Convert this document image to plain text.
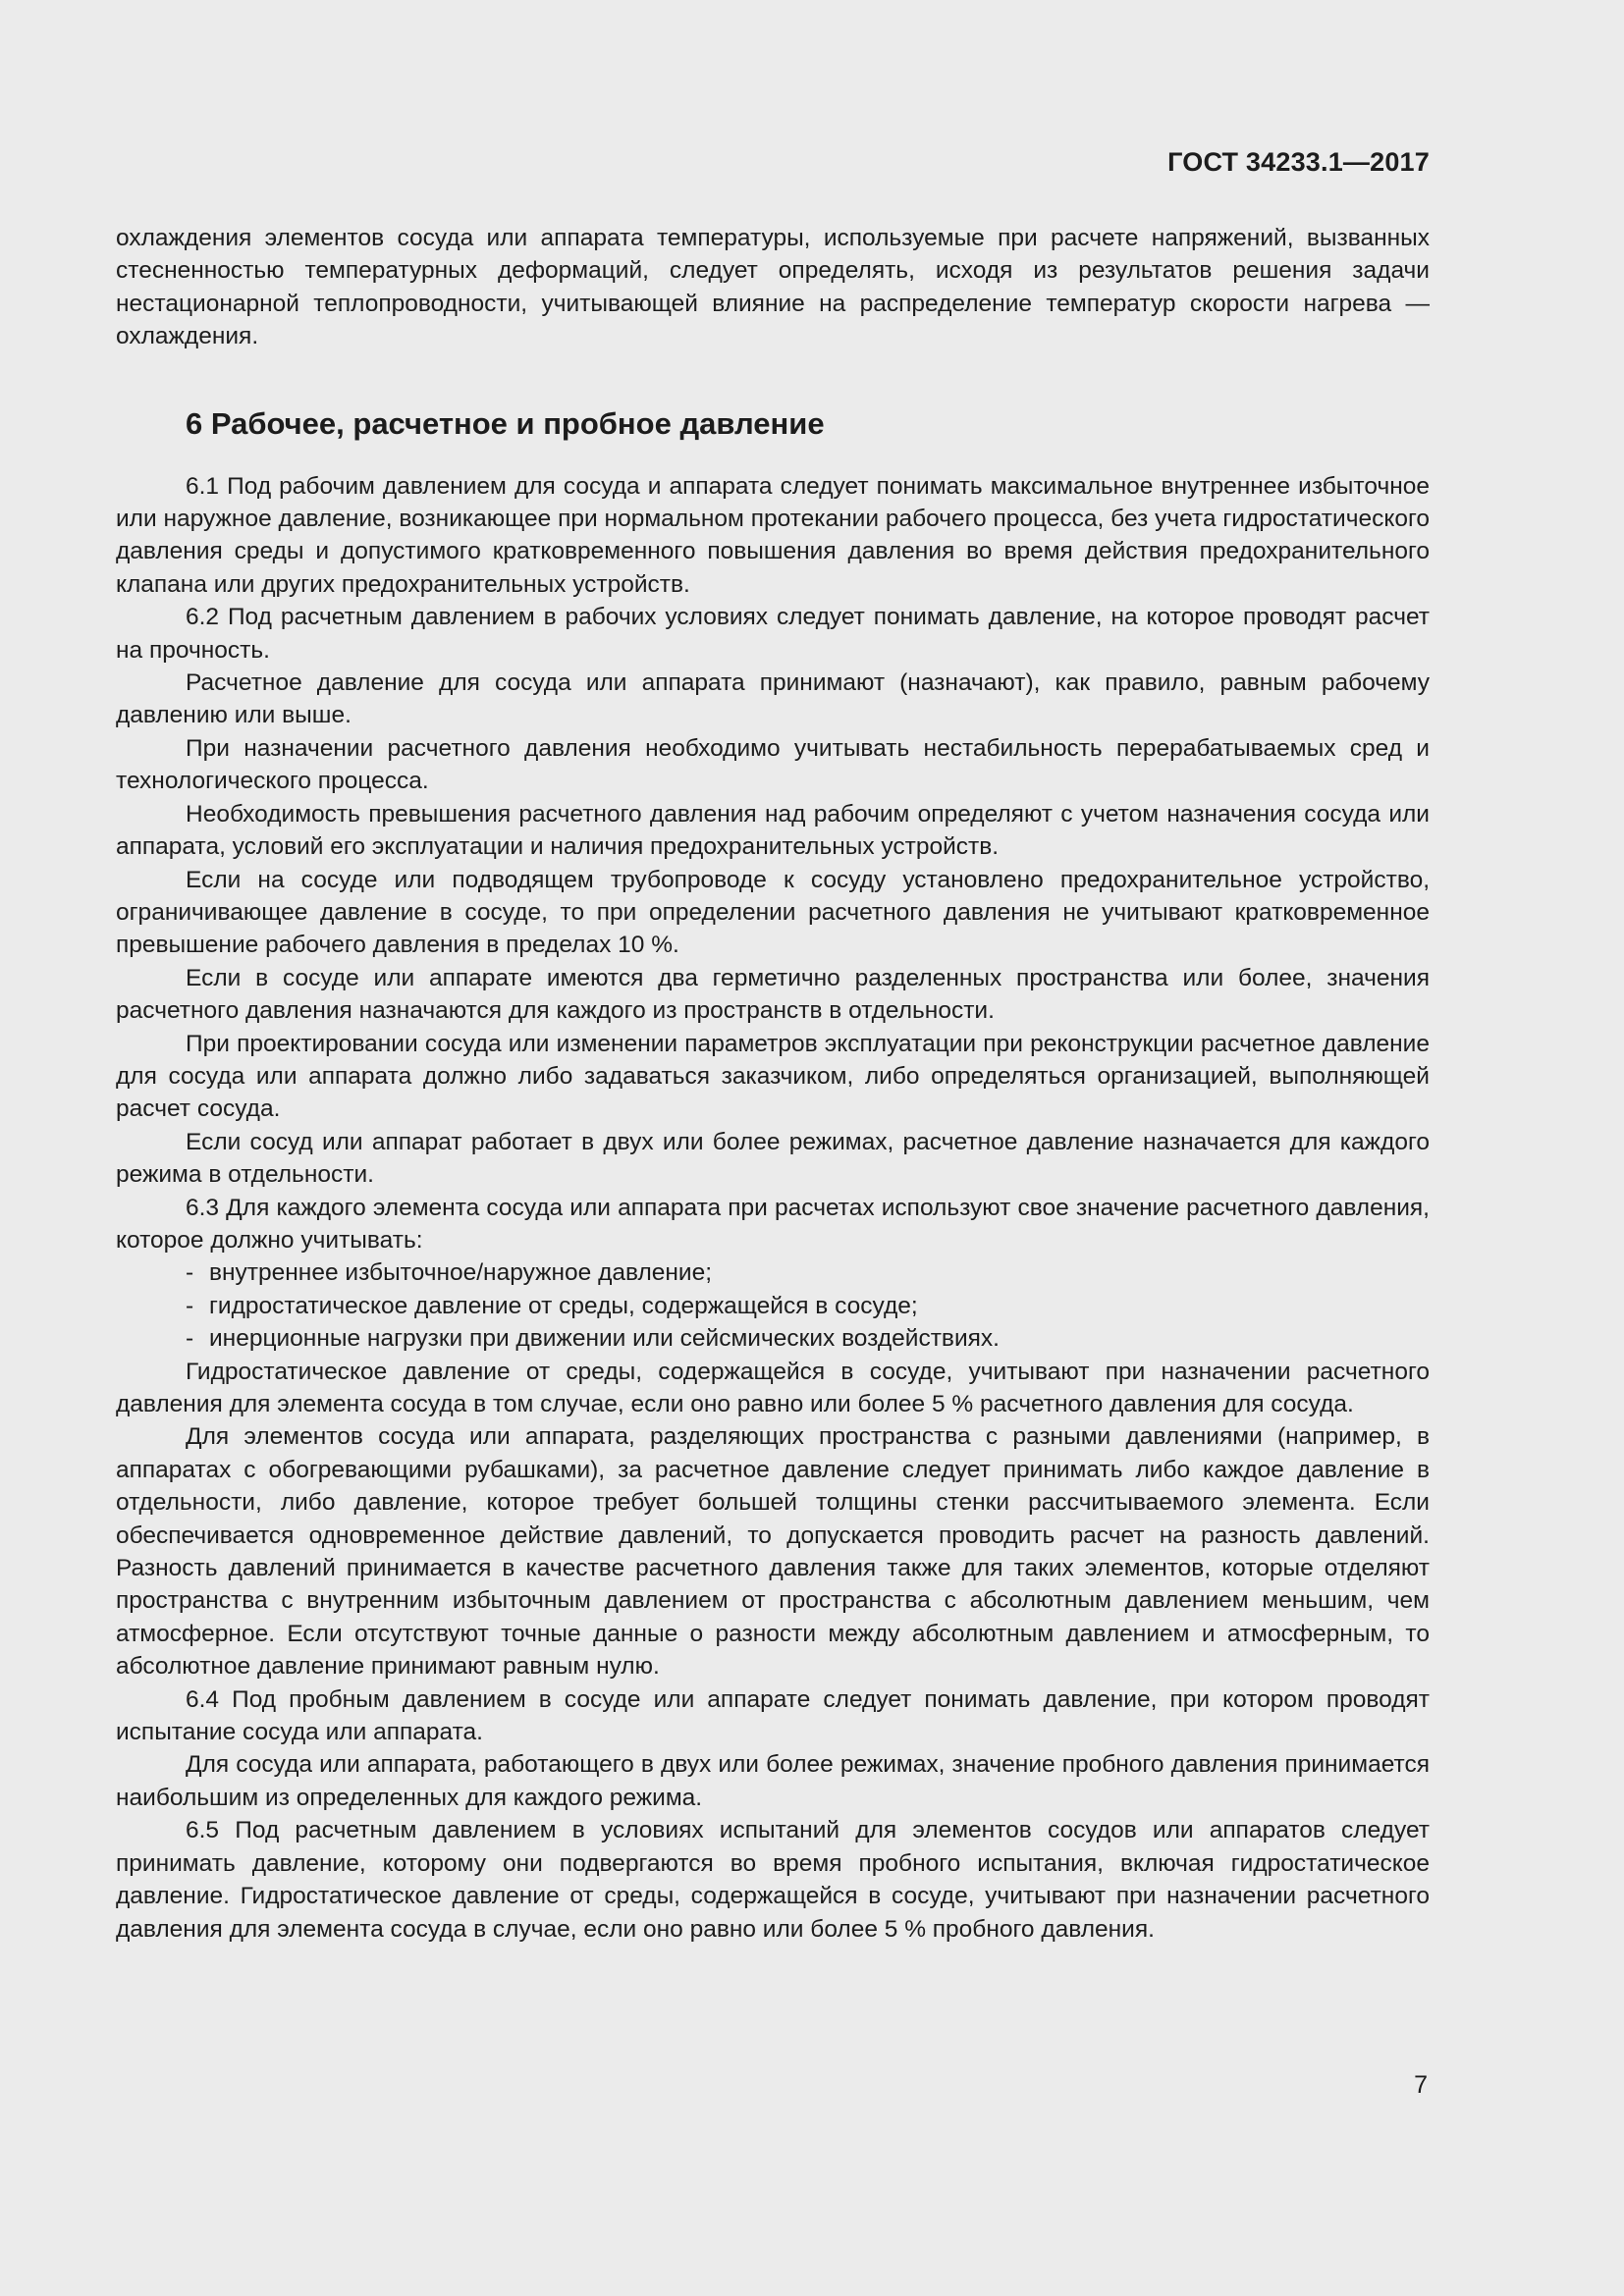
ГОСТ 34233.1—2017

охлаждения элементов сосуда или аппарата температуры, используемые при расчете напряжений, вызванных стесненностью температурных деформаций, следует определять, исходя из результатов решения задачи нестационарной теплопроводности, учитывающей влияние на распределение температур скорости нагрева — охлаждения.

6 Рабочее, расчетное и пробное давление

6.1 Под рабочим давлением для сосуда и аппарата следует понимать максимальное внутреннее избыточное или наружное давление, возникающее при нормальном протекании рабочего процесса, без учета гидростатического давления среды и допустимого кратковременного повышения давления во время действия предохранительного клапана или других предохранительных устройств.

6.2 Под расчетным давлением в рабочих условиях следует понимать давление, на которое проводят расчет на прочность.

Расчетное давление для сосуда или аппарата принимают (назначают), как правило, равным рабочему давлению или выше.

При назначении расчетного давления необходимо учитывать нестабильность перерабатываемых сред и технологического процесса.

Необходимость превышения расчетного давления над рабочим определяют с учетом назначения сосуда или аппарата, условий его эксплуатации и наличия предохранительных устройств.

Если на сосуде или подводящем трубопроводе к сосуду установлено предохранительное устройство, ограничивающее давление в сосуде, то при определении расчетного давления не учитывают кратковременное превышение рабочего давления в пределах 10 %.

Если в сосуде или аппарате имеются два герметично разделенных пространства или более, значения расчетного давления назначаются для каждого из пространств в отдельности.

При проектировании сосуда или изменении параметров эксплуатации при реконструкции расчетное давление для сосуда или аппарата должно либо задаваться заказчиком, либо определяться организацией, выполняющей расчет сосуда.

Если сосуд или аппарат работает в двух или более режимах, расчетное давление назначается для каждого режима в отдельности.

6.3 Для каждого элемента сосуда или аппарата при расчетах используют свое значение расчетного давления, которое должно учитывать:

- внутреннее избыточное/наружное давление;
- гидростатическое давление от среды, содержащейся в сосуде;
- инерционные нагрузки при движении или сейсмических воздействиях.

Гидростатическое давление от среды, содержащейся в сосуде, учитывают при назначении расчетного давления для элемента сосуда в том случае, если оно равно или более 5 % расчетного давления для сосуда.

Для элементов сосуда или аппарата, разделяющих пространства с разными давлениями (например, в аппаратах с обогревающими рубашками), за расчетное давление следует принимать либо каждое давление в отдельности, либо давление, которое требует большей толщины стенки рассчитываемого элемента. Если обеспечивается одновременное действие давлений, то допускается проводить расчет на разность давлений. Разность давлений принимается в качестве расчетного давления также для таких элементов, которые отделяют пространства с внутренним избыточным давлением от пространства с абсолютным давлением меньшим, чем атмосферное. Если отсутствуют точные данные о разности между абсолютным давлением и атмосферным, то абсолютное давление принимают равным нулю.

6.4 Под пробным давлением в сосуде или аппарате следует понимать давление, при котором проводят испытание сосуда или аппарата.

Для сосуда или аппарата, работающего в двух или более режимах, значение пробного давления принимается наибольшим из определенных для каждого режима.

6.5 Под расчетным давлением в условиях испытаний для элементов сосудов или аппаратов следует принимать давление, которому они подвергаются во время пробного испытания, включая гидростатическое давление. Гидростатическое давление от среды, содержащейся в сосуде, учитывают при назначении расчетного давления для элемента сосуда в случае, если оно равно или более 5 % пробного давления.

7
